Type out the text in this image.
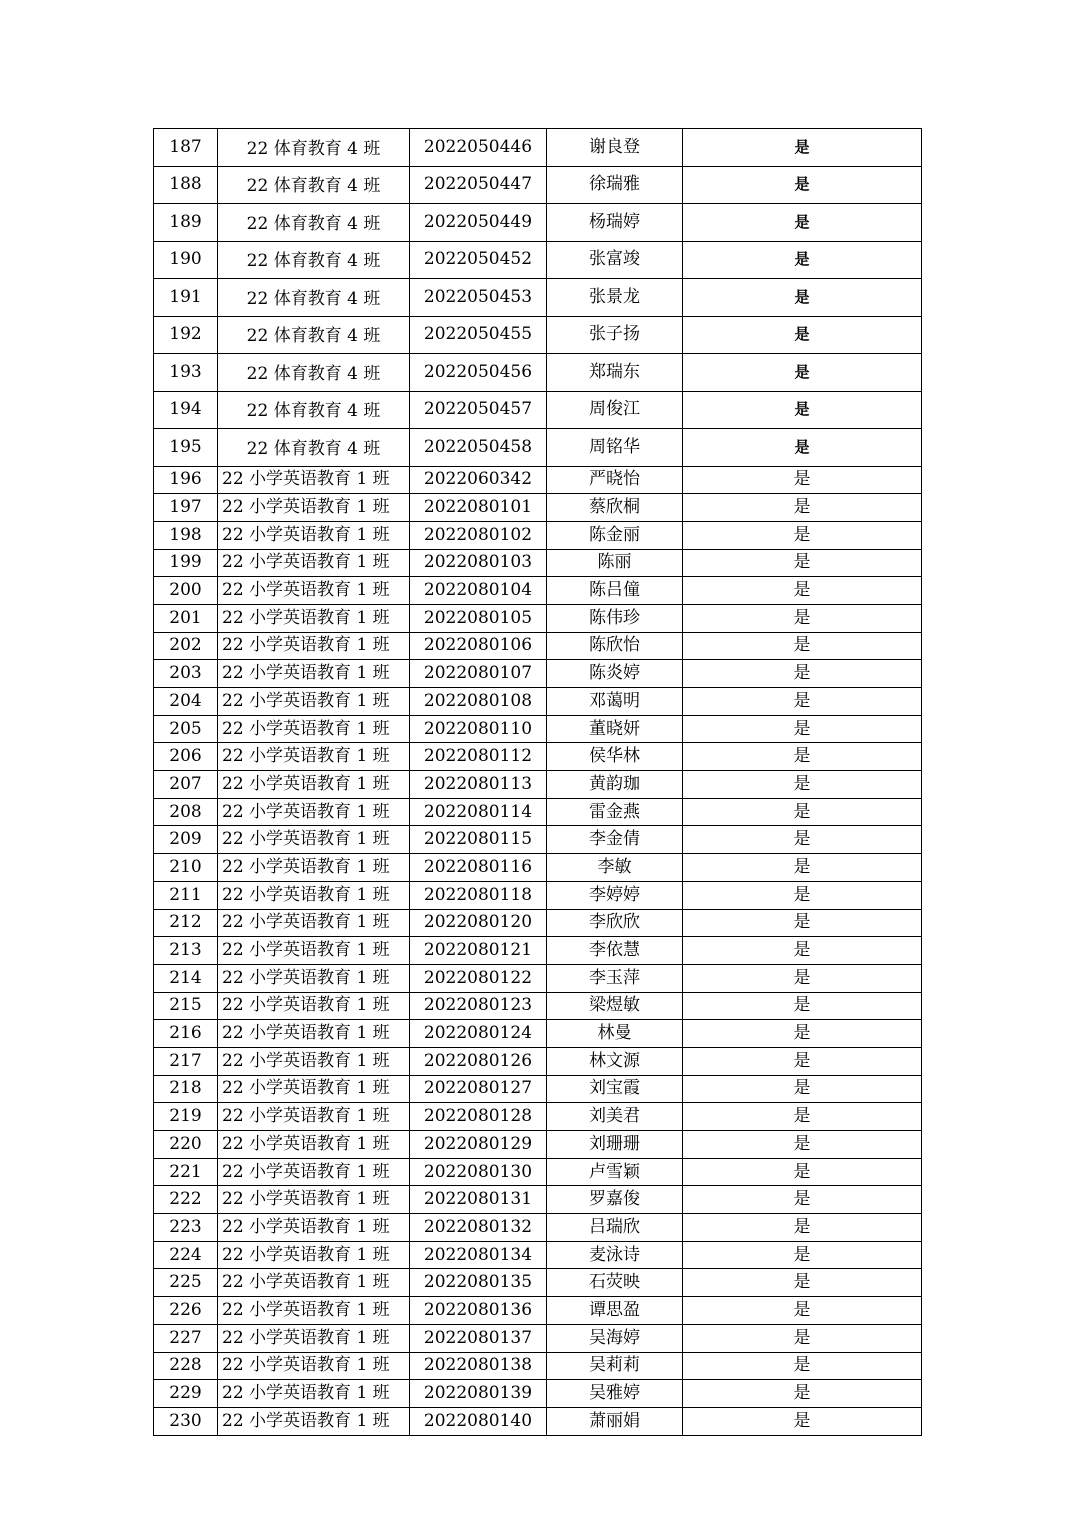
187	22 体育教育 4 班	2022050446	谢良登	是
188	22 体育教育 4 班	2022050447	徐瑞雅	是
189	22 体育教育 4 班	2022050449	杨瑞婷	是
190	22 体育教育 4 班	2022050452	张富竣	是
191	22 体育教育 4 班	2022050453	张景龙	是
192	22 体育教育 4 班	2022050455	张子扬	是
193	22 体育教育 4 班	2022050456	郑瑞东	是
194	22 体育教育 4 班	2022050457	周俊江	是
195	22 体育教育 4 班	2022050458	周铭华	是
196	22 小学英语教育 1 班	2022060342	严晓怡	是
197	22 小学英语教育 1 班	2022080101	蔡欣桐	是
198	22 小学英语教育 1 班	2022080102	陈金丽	是
199	22 小学英语教育 1 班	2022080103	陈丽	是
200	22 小学英语教育 1 班	2022080104	陈吕僮	是
201	22 小学英语教育 1 班	2022080105	陈伟珍	是
202	22 小学英语教育 1 班	2022080106	陈欣怡	是
203	22 小学英语教育 1 班	2022080107	陈炎婷	是
204	22 小学英语教育 1 班	2022080108	邓蔼明	是
205	22 小学英语教育 1 班	2022080110	董晓妍	是
206	22 小学英语教育 1 班	2022080112	侯华林	是
207	22 小学英语教育 1 班	2022080113	黄韵珈	是
208	22 小学英语教育 1 班	2022080114	雷金燕	是
209	22 小学英语教育 1 班	2022080115	李金倩	是
210	22 小学英语教育 1 班	2022080116	李敏	是
211	22 小学英语教育 1 班	2022080118	李婷婷	是
212	22 小学英语教育 1 班	2022080120	李欣欣	是
213	22 小学英语教育 1 班	2022080121	李依慧	是
214	22 小学英语教育 1 班	2022080122	李玉萍	是
215	22 小学英语教育 1 班	2022080123	梁煜敏	是
216	22 小学英语教育 1 班	2022080124	林曼	是
217	22 小学英语教育 1 班	2022080126	林文源	是
218	22 小学英语教育 1 班	2022080127	刘宝霞	是
219	22 小学英语教育 1 班	2022080128	刘美君	是
220	22 小学英语教育 1 班	2022080129	刘珊珊	是
221	22 小学英语教育 1 班	2022080130	卢雪颖	是
222	22 小学英语教育 1 班	2022080131	罗嘉俊	是
223	22 小学英语教育 1 班	2022080132	吕瑞欣	是
224	22 小学英语教育 1 班	2022080134	麦泳诗	是
225	22 小学英语教育 1 班	2022080135	石荧映	是
226	22 小学英语教育 1 班	2022080136	谭思盈	是
227	22 小学英语教育 1 班	2022080137	吴海婷	是
228	22 小学英语教育 1 班	2022080138	吴莉莉	是
229	22 小学英语教育 1 班	2022080139	吴雅婷	是
230	22 小学英语教育 1 班	2022080140	萧丽娟	是
